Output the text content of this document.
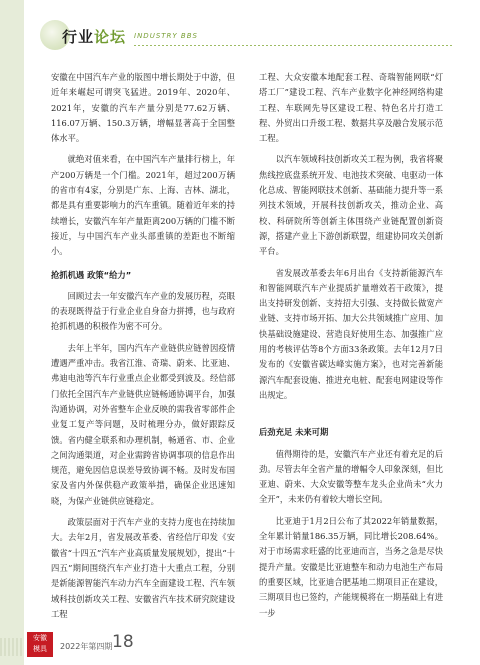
行业论坛 INDUSTRY BBS

安徽在中国汽车产业的版图中增长期处于中游，但近年来崛起可谓突飞猛进。2019年、2020年、2021年，安徽的汽车产量分别是77.62万辆、116.07万辆、150.3万辆，增幅显著高于全国整体水平。

就绝对值来看，在中国汽车产量排行榜上，年产200万辆是一个门槛。2021年，超过200万辆的省市有4家，分别是广东、上海、吉林、湖北，都是具有重要影响力的汽车重镇。随着近年来的持续增长，安徽汽车年产量距离200万辆的门槛不断接近，与中国汽车产业头部重镇的差距也不断缩小。

抢抓机遇 政策“给力”

回顾过去一年安徽汽车产业的发展历程，亮眼的表现既得益于行业企业自身奋力拼搏，也与政府抢抓机遇的积极作为密不可分。

去年上半年，国内汽车产业链供应链曾因疫情遭遇严重冲击。我省江淮、奇瑞、蔚来、比亚迪、弗迪电池等汽车行业重点企业都受到波及。经信部门依托全国汽车产业链供应链畅通协调平台，加强沟通协调，对外省整车企业反映的需我省零部件企业复工复产等问题，及时梳理分办，做好跟踪反馈。省内健全联系和办理机制，畅通省、市、企业之间沟通渠道，对企业需跨省协调事项的信息作出规范，避免因信息误差导致协调不畅。及时发布国家及省内外保供稳产政策举措，确保企业迅速知晓，为保产业链供应链稳定。

政策层面对于汽车产业的支持力度也在持续加大。去年2月，省发展改革委、省经信厅印发《安徽省“十四五”汽车产业高质量发展规划》，提出“十四五”期间围绕汽车产业打造十大重点工程，分别是新能源智能汽车动力汽车全面建设工程、汽车领域科技创新攻关工程、安徽省汽车技术研究院建设工程

工程、大众安徽本地配套工程、奇瑞智能网联“灯塔工厂”建设工程、汽车产业数字化神经网络构建工程、车联网先导区建设工程、特色名片打造工程、外贸出口升级工程、数据共享及融合发展示范工程。

以汽车领域科技创新攻关工程为例，我省将聚焦线控底盘系统开发、电池技术突破、电驱动一体化总成、智能网联技术创新、基础能力提升等一系列技术领域，开展科技创新攻关，推动企业、高校、科研院所等创新主体围绕产业链配置创新资源，搭建产业上下游创新联盟，组建协同攻关创新平台。

省发展改革委去年6月出台《支持新能源汽车和智能网联汽车产业提质扩量增效若干政策》，提出支持研发创新、支持招大引强、支持做长做宽产业链、支持市场开拓、加大公共领域推广应用、加快基础设施建设、营造良好使用生态、加强推广应用的考核评估等8个方面33条政策。去年12月7日发布的《安徽省碳达峰实施方案》，也对完善新能源汽车配套设施、推进充电桩、配套电网建设等作出规定。

后劲充足 未来可期

值得期待的是，安徽汽车产业还有着充足的后劲。尽管去年全省产量的增幅令人印象深刻，但比亚迪、蔚来、大众安徽等整车龙头企业尚未“火力全开”，未来仍有着较大增长空间。

比亚迪于1月2日公布了其2022年销量数据，全年累计销量186.35万辆，同比增长208.64%。对于市场需求旺盛的比亚迪而言，当务之急是尽快提升产量。安徽是比亚迪整车和动力电池生产布局的重要区域，比亚迪合肥基地二期项目正在建设，三期项目也已签约，产能规模将在一期基础上有进一步

安徽
模具	2022年第四期 18
